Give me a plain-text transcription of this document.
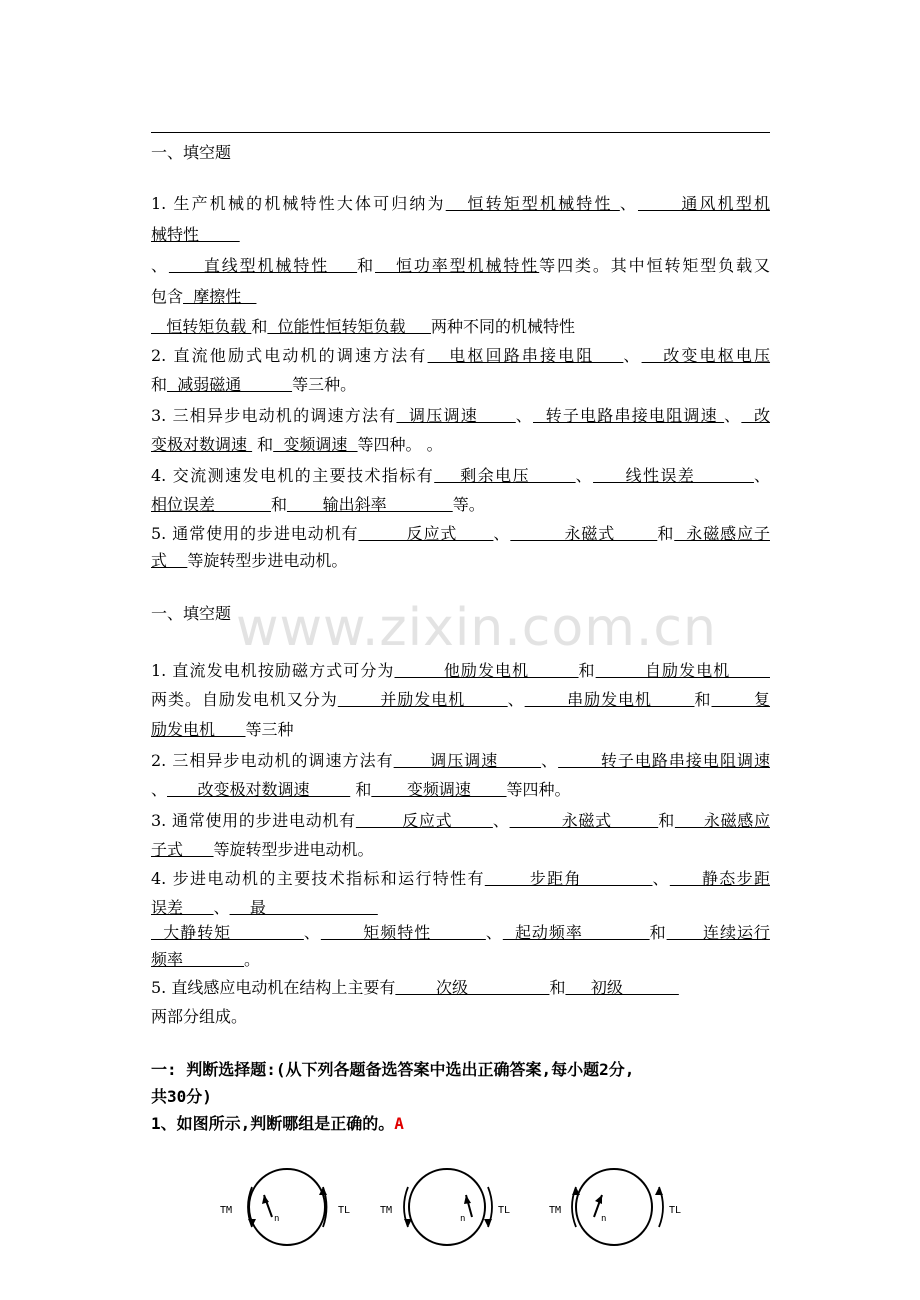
www.zixin.com.cn
一、填空题
1. 生产机械的机械特性大体可归纳为   恒转矩型机械特性 、      通风机型机
械特性
、     直线型机械特性    和   恒功率型机械特性等四类。其中恒转矩型负载又
包含  摩擦性
恒转矩负载 和  位能性恒转矩负载     两种不同的机械特性
2. 直流他励式电动机的调速方法有   电枢回路串接电阻    、   改变电枢电压
和  减弱磁通          等三种。
3. 三相异步电动机的调速方法有  调压调速      、  转子电路串接电阻调速 、  改
变极对数调速  和  变频调速  等四种。 。
4. 交流测速发电机的主要技术指标有    剩余电压       、     线性误差         、
相位误差           和       输出斜率             等。
5. 通常使用的步进电动机有        反应式      、         永磁式       和  永磁感应子
式    等旋转型步进电动机。
一、填空题
1. 直流发电机按励磁方式可分为        他励发电机        和        自励发电机
两类。自励发电机又分为       并励发电机       、       串励发电机       和       复
励发电机      等三种
2. 三相异步电动机的调速方法有      调压调速       、       转子电路串接电阻调速
、      改变极对数调速         和       变频调速       等四种。
3. 通常使用的步进电动机有        反应式       、         永磁式        和     永磁感应
子式      等旋转型步进电动机。
4. 步进电动机的主要技术指标和运行特性有       步距角           、     静态步距
误差      、    最
大静转矩            、       矩频特性         、  起动频率           和      连续运行
频率            。
5. 直线感应电动机在结构上主要有        次级                和     初级
两部分组成。
一: 判断选择题:(从下列各题备选答案中选出正确答案,每小题2分,
共30分)
1、如图所示,判断哪组是正确的。A
TM
n
TL	TM
n
TL	TM
n
TL
